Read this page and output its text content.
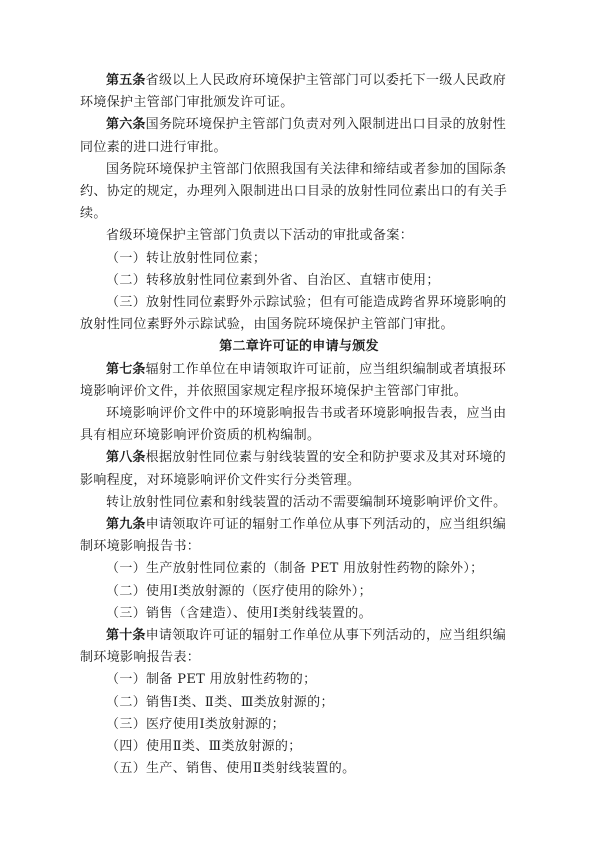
第五条省级以上人民政府环境保护主管部门可以委托下一级人民政府环境保护主管部门审批颁发许可证。

第六条国务院环境保护主管部门负责对列入限制进出口目录的放射性同位素的进口进行审批。

国务院环境保护主管部门依照我国有关法律和缔结或者参加的国际条约、协定的规定，办理列入限制进出口目录的放射性同位素出口的有关手续。

省级环境保护主管部门负责以下活动的审批或备案：

（一）转让放射性同位素；

（二）转移放射性同位素到外省、自治区、直辖市使用；

（三）放射性同位素野外示踪试验；但有可能造成跨省界环境影响的放射性同位素野外示踪试验，由国务院环境保护主管部门审批。

第二章许可证的申请与颁发

第七条辐射工作单位在申请领取许可证前，应当组织编制或者填报环境影响评价文件，并依照国家规定程序报环境保护主管部门审批。

环境影响评价文件中的环境影响报告书或者环境影响报告表，应当由具有相应环境影响评价资质的机构编制。

第八条根据放射性同位素与射线装置的安全和防护要求及其对环境的影响程度，对环境影响评价文件实行分类管理。

转让放射性同位素和射线装置的活动不需要编制环境影响评价文件。

第九条申请领取许可证的辐射工作单位从事下列活动的，应当组织编制环境影响报告书：

（一）生产放射性同位素的（制备 PET 用放射性药物的除外）；

（二）使用Ⅰ类放射源的（医疗使用的除外）；

（三）销售（含建造）、使用Ⅰ类射线装置的。

第十条申请领取许可证的辐射工作单位从事下列活动的，应当组织编制环境影响报告表：

（一）制备 PET 用放射性药物的；

（二）销售Ⅰ类、Ⅱ类、Ⅲ类放射源的；

（三）医疗使用Ⅰ类放射源的；

（四）使用Ⅱ类、Ⅲ类放射源的；

（五）生产、销售、使用Ⅱ类射线装置的。
